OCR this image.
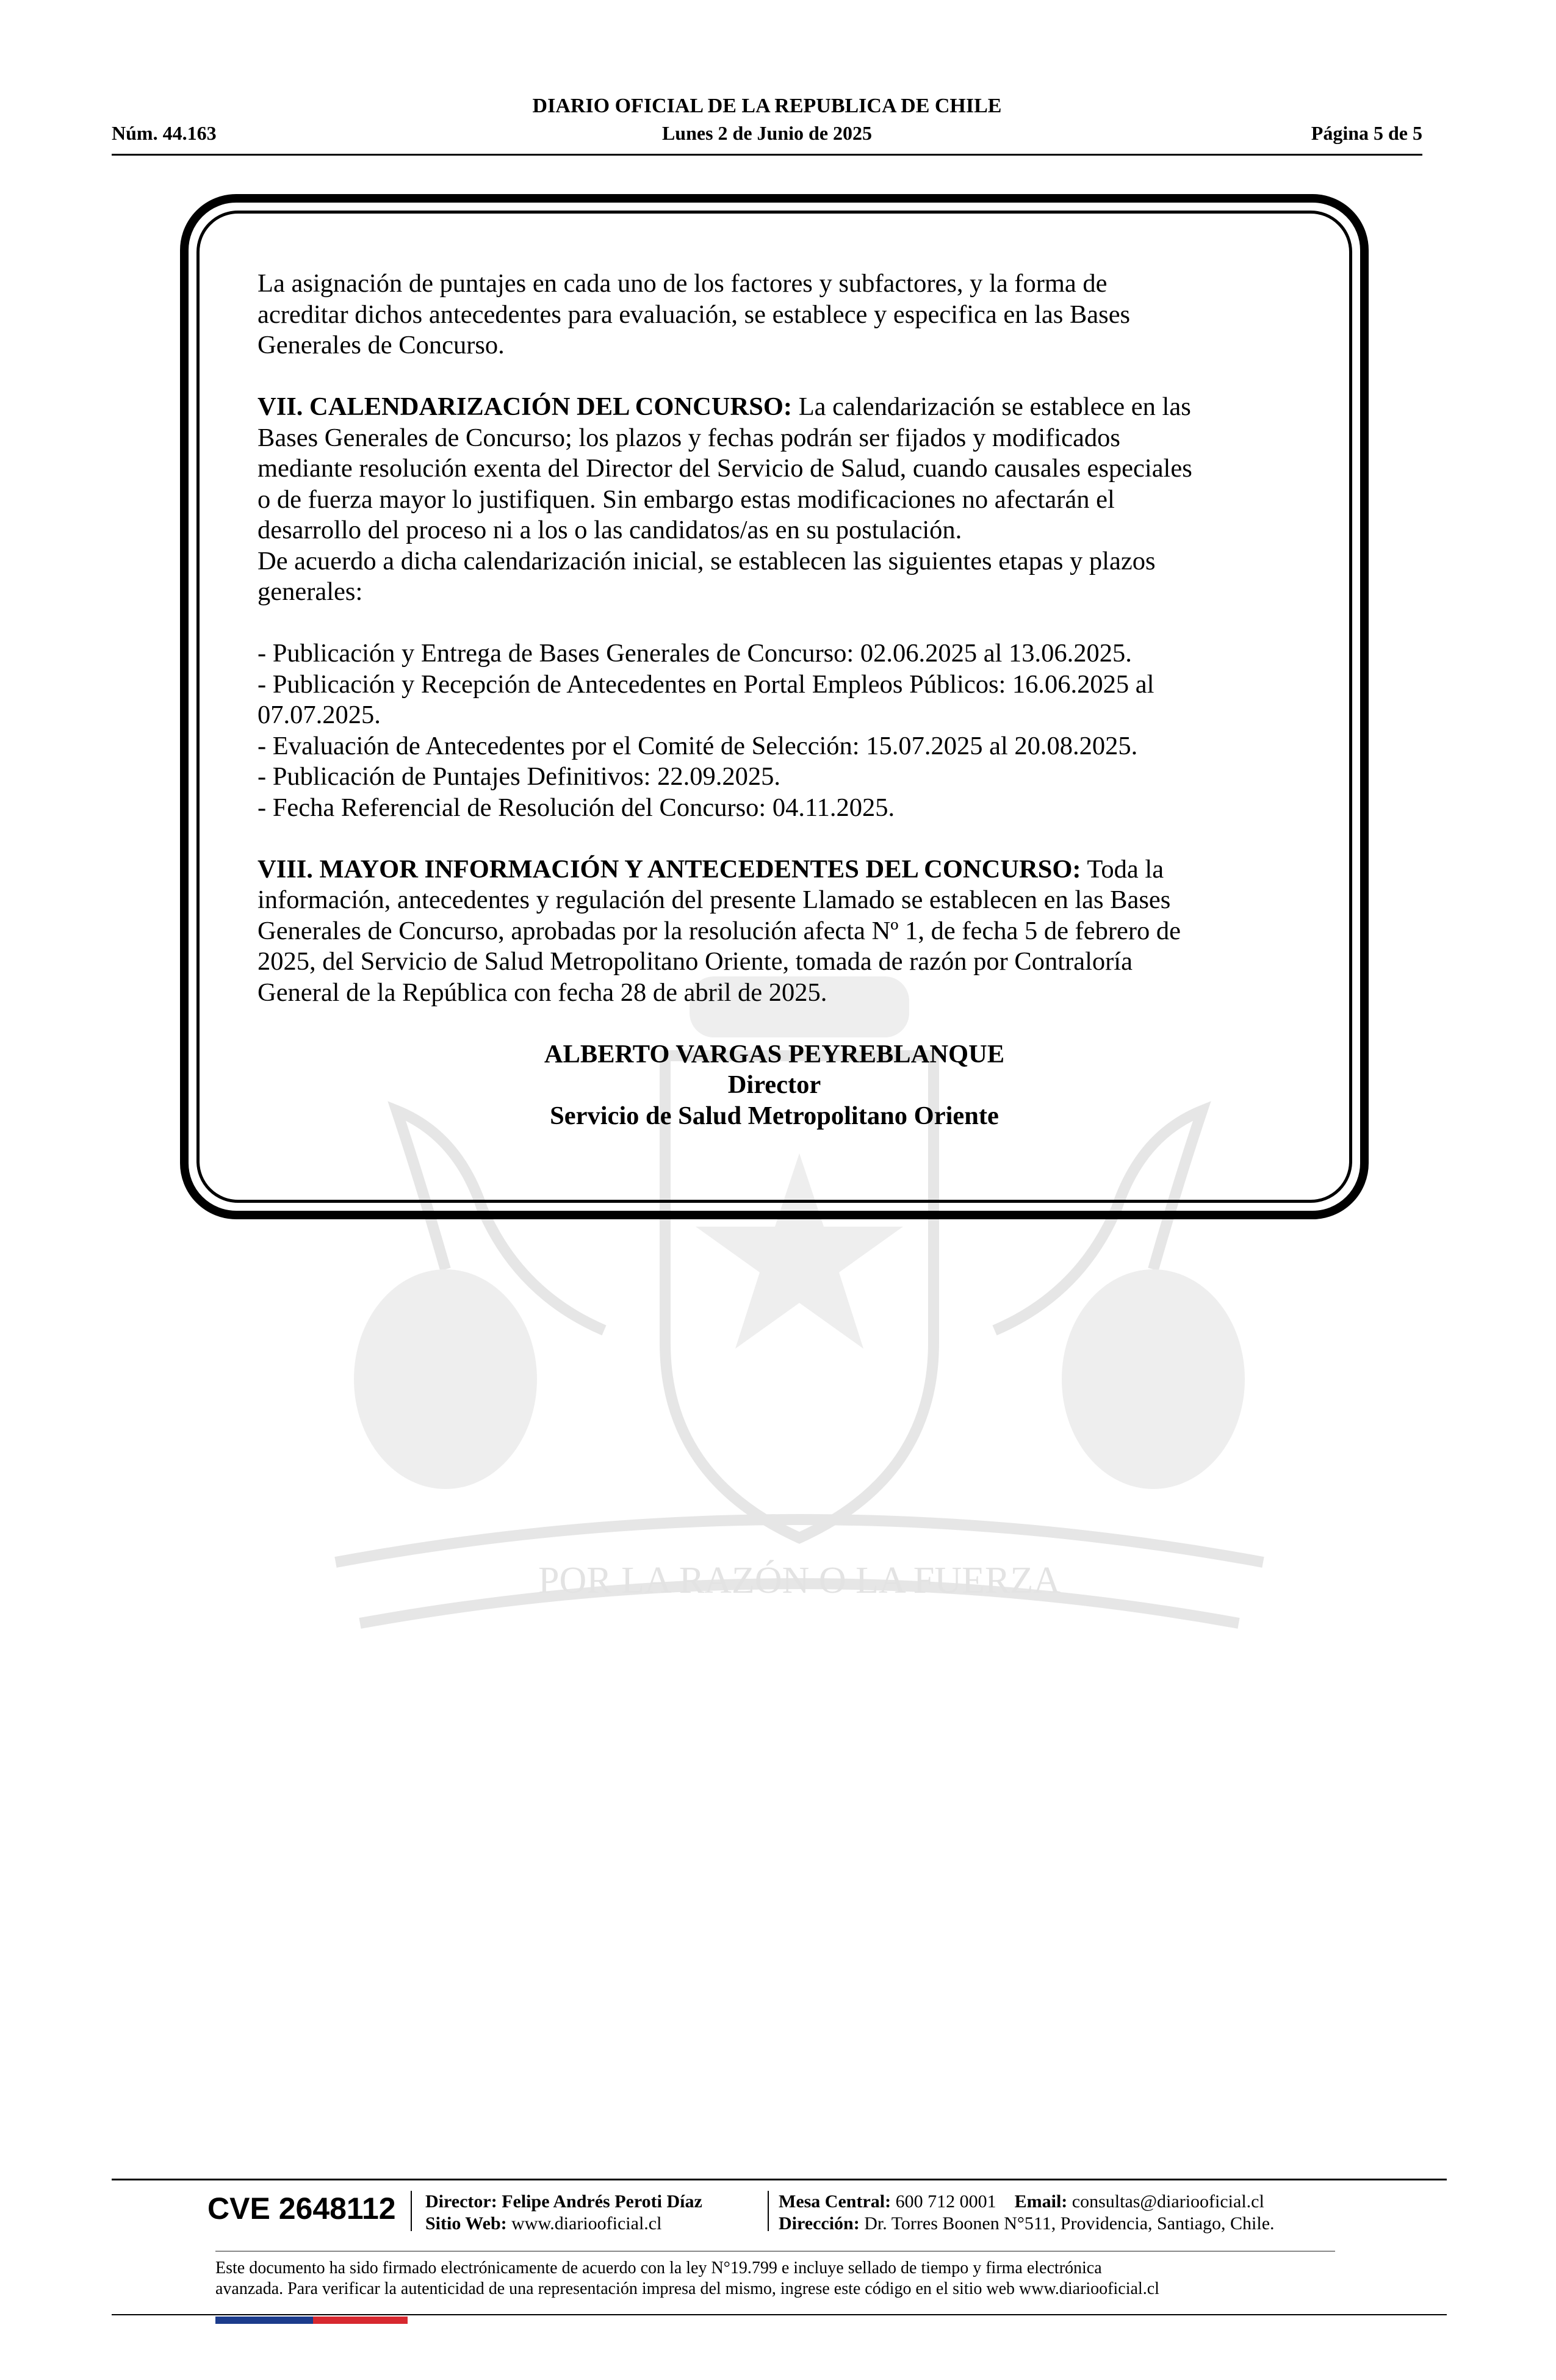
Núm. 44.163
DIARIO OFICIAL DE LA REPUBLICA DE CHILE
Lunes 2 de Junio de 2025	Página 5 de 5
POR LA RAZÓN O LA FUERZA

La asignación de puntajes en cada uno de los factores y subfactores, y la forma de
acreditar dichos antecedentes para evaluación, se establece y especifica en las Bases
Generales de Concurso.

VII. CALENDARIZACIÓN DEL CONCURSO: La calendarización se establece en las
Bases Generales de Concurso; los plazos y fechas podrán ser fijados y modificados
mediante resolución exenta del Director del Servicio de Salud, cuando causales especiales
o de fuerza mayor lo justifiquen. Sin embargo estas modificaciones no afectarán el
desarrollo del proceso ni a los o las candidatos/as en su postulación.
De acuerdo a dicha calendarización inicial, se establecen las siguientes etapas y plazos
generales:

- Publicación y Entrega de Bases Generales de Concurso: 02.06.2025 al 13.06.2025.
- Publicación y Recepción de Antecedentes en Portal Empleos Públicos: 16.06.2025 al
07.07.2025.
- Evaluación de Antecedentes por el Comité de Selección: 15.07.2025 al 20.08.2025.
- Publicación de Puntajes Definitivos: 22.09.2025.
- Fecha Referencial de Resolución del Concurso: 04.11.2025.

VIII. MAYOR INFORMACIÓN Y ANTECEDENTES DEL CONCURSO: Toda la
información, antecedentes y regulación del presente Llamado se establecen en las Bases
Generales de Concurso, aprobadas por la resolución afecta Nº 1, de fecha 5 de febrero de
2025, del Servicio de Salud Metropolitano Oriente, tomada de razón por Contraloría
General de la República con fecha 28 de abril de 2025.

ALBERTO VARGAS PEYREBLANQUE
Director
Servicio de Salud Metropolitano Oriente
CVE 2648112 Director: Felipe Andrés Peroti Díaz
Sitio Web: www.diariooficial.cl
Mesa Central: 600 712 0001 Email: consultas@diariooficial.cl
Dirección: Dr. Torres Boonen N°511, Providencia, Santiago, Chile.
Este documento ha sido firmado electrónicamente de acuerdo con la ley N°19.799 e incluye sellado de tiempo y firma electrónica
avanzada. Para verificar la autenticidad de una representación impresa del mismo, ingrese este código en el sitio web www.diariooficial.cl
